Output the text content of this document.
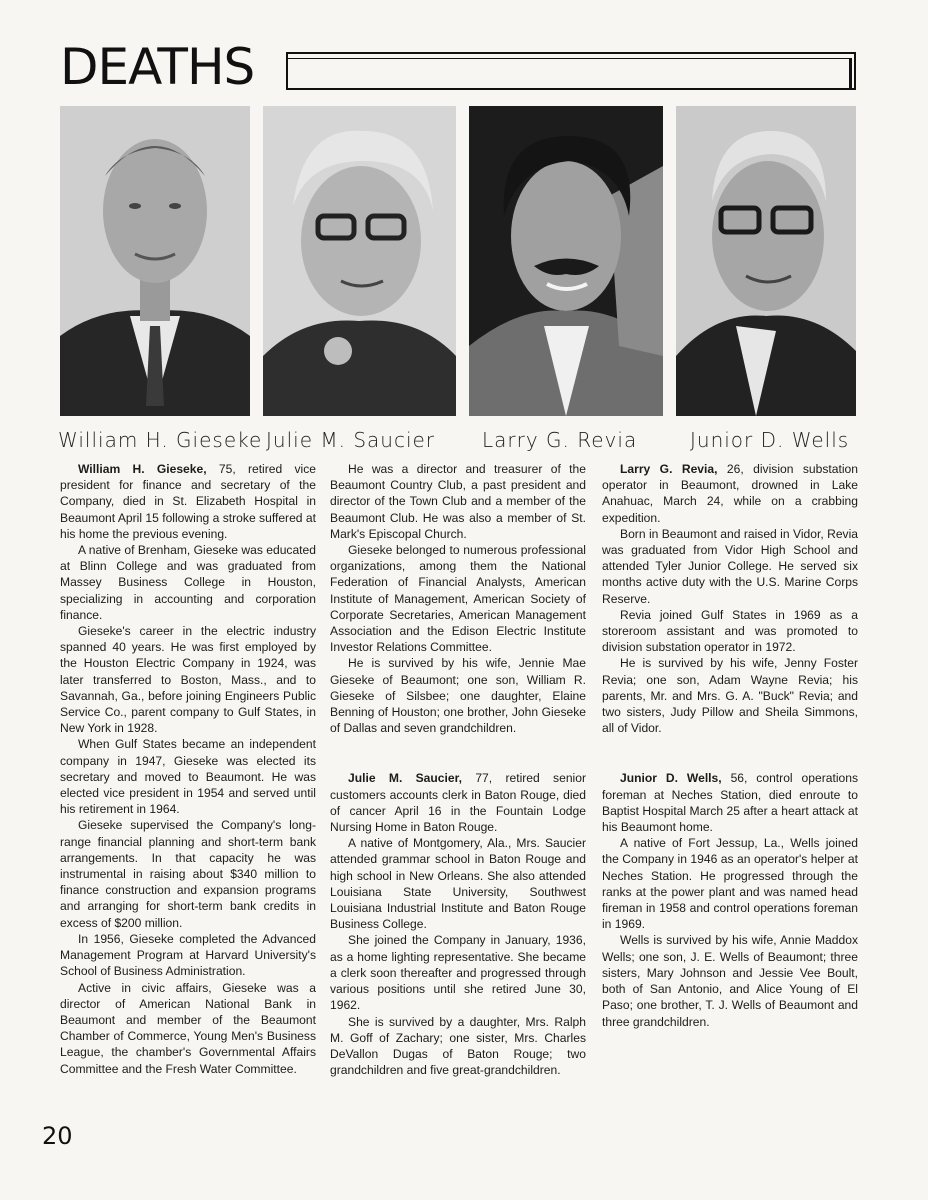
DEATHS
William H. Gieseke Julie M. Saucier Larry G. Revia	Junior D. Wells

William H. Gieseke, 75, retired vice president for finance and secretary of the Company, died in St. Elizabeth Hospital in Beaumont April 15 following a stroke suffered at his home the previous evening.

A native of Brenham, Gieseke was educated at Blinn College and was graduated from Massey Business College in Houston, specializing in accounting and corporation finance.

Gieseke's career in the electric industry spanned 40 years. He was first employed by the Houston Electric Company in 1924, was later transferred to Boston, Mass., and to Savannah, Ga., before joining Engineers Public Service Co., parent company to Gulf States, in New York in 1928.

When Gulf States became an independent company in 1947, Gieseke was elected its secretary and moved to Beaumont. He was elected vice president in 1954 and served until his retirement in 1964.

Gieseke supervised the Company's long-range financial planning and short-term bank arrangements. In that capacity he was instrumental in raising about $340 million to finance construction and expansion programs and arranging for short-term bank credits in excess of $200 million.

In 1956, Gieseke completed the Advanced Management Program at Harvard University's School of Business Administration.

Active in civic affairs, Gieseke was a director of American National Bank in Beaumont and member of the Beaumont Chamber of Commerce, Young Men's Business League, the chamber's Governmental Affairs Committee and the Fresh Water Committee.

He was a director and treasurer of the Beaumont Country Club, a past president and director of the Town Club and a member of the Beaumont Club. He was also a member of St. Mark's Episcopal Church.

Gieseke belonged to numerous professional organizations, among them the National Federation of Financial Analysts, American Institute of Management, American Society of Corporate Secretaries, American Management Association and the Edison Electric Institute Investor Relations Committee.

He is survived by his wife, Jennie Mae Gieseke of Beaumont; one son, William R. Gieseke of Silsbee; one daughter, Elaine Benning of Houston; one brother, John Gieseke of Dallas and seven grandchildren.

Julie M. Saucier, 77, retired senior customers accounts clerk in Baton Rouge, died of cancer April 16 in the Fountain Lodge Nursing Home in Baton Rouge.

A native of Montgomery, Ala., Mrs. Saucier attended grammar school in Baton Rouge and high school in New Orleans. She also attended Louisiana State University, Southwest Louisiana Industrial Institute and Baton Rouge Business College.

She joined the Company in January, 1936, as a home lighting representative. She became a clerk soon thereafter and progressed through various positions until she retired June 30, 1962.

She is survived by a daughter, Mrs. Ralph M. Goff of Zachary; one sister, Mrs. Charles DeVallon Dugas of Baton Rouge; two grandchildren and five great-grandchildren.

Larry G. Revia, 26, division substation operator in Beaumont, drowned in Lake Anahuac, March 24, while on a crabbing expedition.

Born in Beaumont and raised in Vidor, Revia was graduated from Vidor High School and attended Tyler Junior College. He served six months active duty with the U.S. Marine Corps Reserve.

Revia joined Gulf States in 1969 as a storeroom assistant and was promoted to division substation operator in 1972.

He is survived by his wife, Jenny Foster Revia; one son, Adam Wayne Revia; his parents, Mr. and Mrs. G. A. "Buck" Revia; and two sisters, Judy Pillow and Sheila Simmons, all of Vidor.

Junior D. Wells, 56, control operations foreman at Neches Station, died enroute to Baptist Hospital March 25 after a heart attack at his Beaumont home.

A native of Fort Jessup, La., Wells joined the Company in 1946 as an operator's helper at Neches Station. He progressed through the ranks at the power plant and was named head fireman in 1958 and control operations foreman in 1969.

Wells is survived by his wife, Annie Maddox Wells; one son, J. E. Wells of Beaumont; three sisters, Mary Johnson and Jessie Vee Boult, both of San Antonio, and Alice Young of El Paso; one brother, T. J. Wells of Beaumont and three grandchildren.

20
